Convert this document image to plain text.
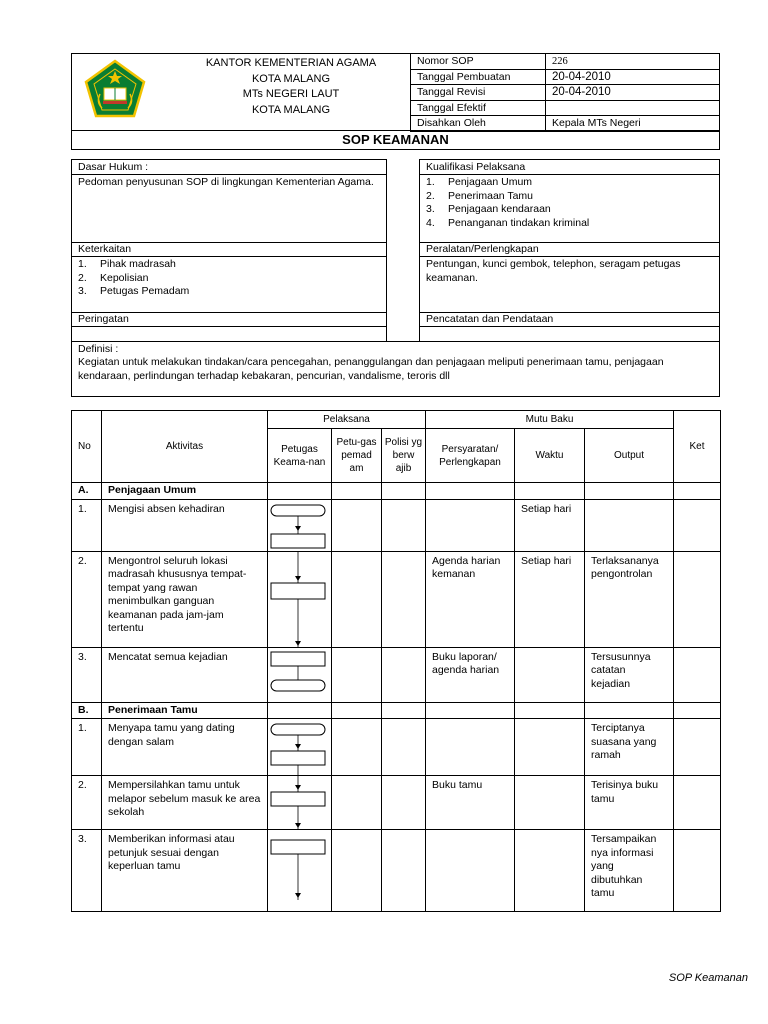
KANTOR KEMENTERIAN AGAMA
KOTA MALANG
MTs NEGERI LAUT
KOTA MALANG
Nomor SOP	226
Tanggal Pembuatan	20-04-2010
Tanggal Revisi	20-04-2010
Tanggal Efektif	
Disahkan Oleh	Kepala MTs Negeri
SOP KEAMANAN
Dasar Hukum :
Pedoman penyusunan SOP di lingkungan Kementerian Agama.
Keterkaitan
1.	Pihak madrasah
2.	Kepolisian
3.	Petugas Pemadam
Peringatan
Kualifikasi Pelaksana
1.	Penjagaan Umum
2.	Penerimaan Tamu
3.	Penjagaan kendaraan
4.	Penanganan tindakan kriminal
Peralatan/Perlengkapan
Pentungan, kunci gembok, telephon, seragam petugas keamanan.
Pencatatan dan Pendataan
Definisi :
Kegiatan untuk melakukan tindakan/cara pencegahan, penanggulangan dan penjagaan meliputi penerimaan tamu, penjagaan kendaraan, perlindungan terhadap kebakaran, pencurian, vandalisme, teroris dll
No	Aktivitas	Pelaksana			Mutu Baku			Ket
		Petugas Keama-nan	Petu-gas pemad am	Polisi yg berw ajib	Persyaratan/ Perlengkapan	Waktu	Output	
A.	Penjagaan Umum							
1.	Mengisi absen kehadiran					Setiap hari		
2.	Mengontrol seluruh lokasi madrasah khususnya tempat-tempat yang rawan menimbulkan ganguan keamanan pada jam-jam tertentu				Agenda harian kemanan	Setiap hari	Terlaksananya pengontrolan	
3.	Mencatat semua kejadian				Buku laporan/ agenda harian		Tersusunnya catatan kejadian	
B.	Penerimaan Tamu							
1.	Menyapa tamu yang dating dengan salam						Terciptanya suasana yang ramah	
2.	Mempersilahkan tamu untuk melapor sebelum masuk ke area sekolah				Buku tamu		Terisinya buku tamu	
3.	Memberikan informasi atau petunjuk sesuai dengan keperluan tamu						Tersampaikan nya informasi yang dibutuhkan tamu	
SOP Keamanan
